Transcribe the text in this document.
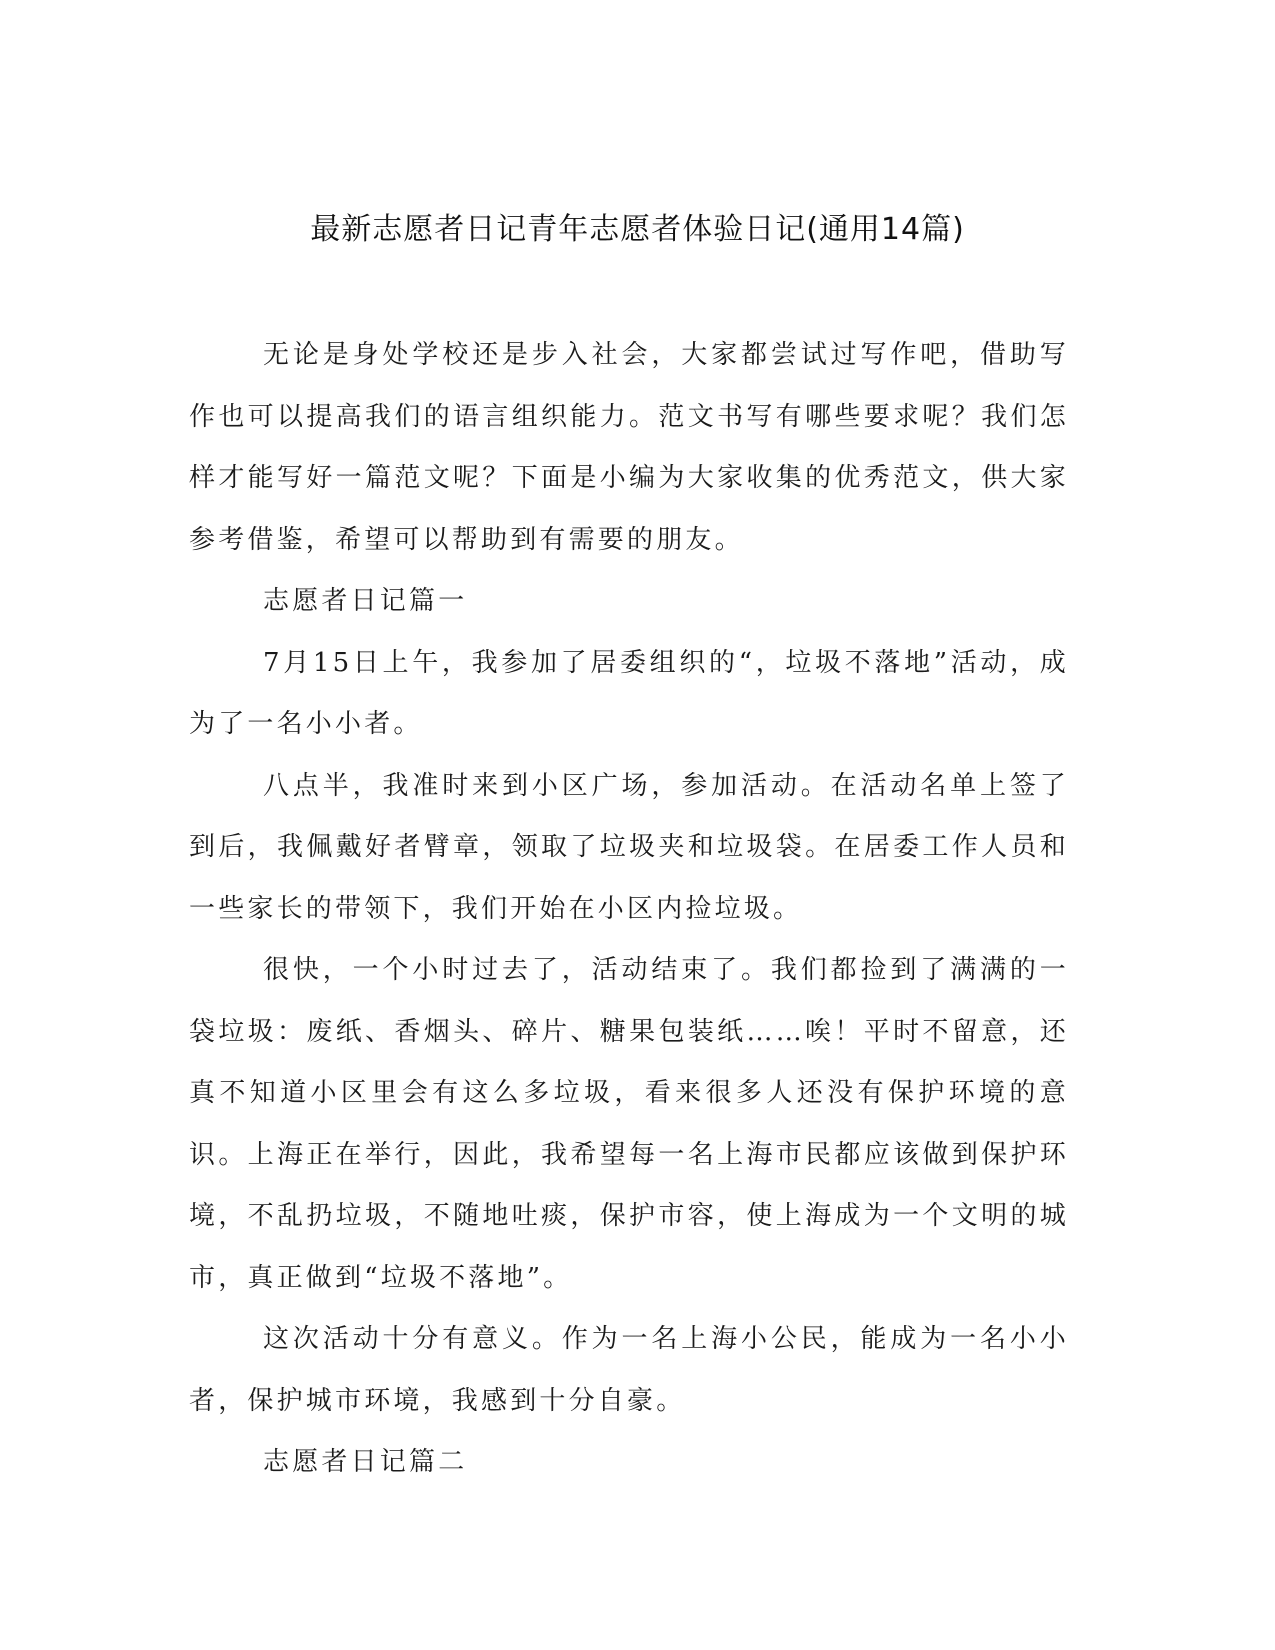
最新志愿者日记青年志愿者体验日记(通用14篇)

无论是身处学校还是步入社会，大家都尝试过写作吧，借助写作也可以提高我们的语言组织能力。范文书写有哪些要求呢？我们怎样才能写好一篇范文呢？下面是小编为大家收集的优秀范文，供大家参考借鉴，希望可以帮助到有需要的朋友。

志愿者日记篇一

7月15日上午，我参加了居委组织的“，垃圾不落地”活动，成为了一名小小者。

八点半，我准时来到小区广场，参加活动。在活动名单上签了到后，我佩戴好者臂章，领取了垃圾夹和垃圾袋。在居委工作人员和一些家长的带领下，我们开始在小区内捡垃圾。

很快，一个小时过去了，活动结束了。我们都捡到了满满的一袋垃圾：废纸、香烟头、碎片、糖果包装纸……唉！平时不留意，还真不知道小区里会有这么多垃圾，看来很多人还没有保护环境的意识。上海正在举行，因此，我希望每一名上海市民都应该做到保护环境，不乱扔垃圾，不随地吐痰，保护市容，使上海成为一个文明的城市，真正做到“垃圾不落地”。

这次活动十分有意义。作为一名上海小公民，能成为一名小小者，保护城市环境，我感到十分自豪。

志愿者日记篇二
